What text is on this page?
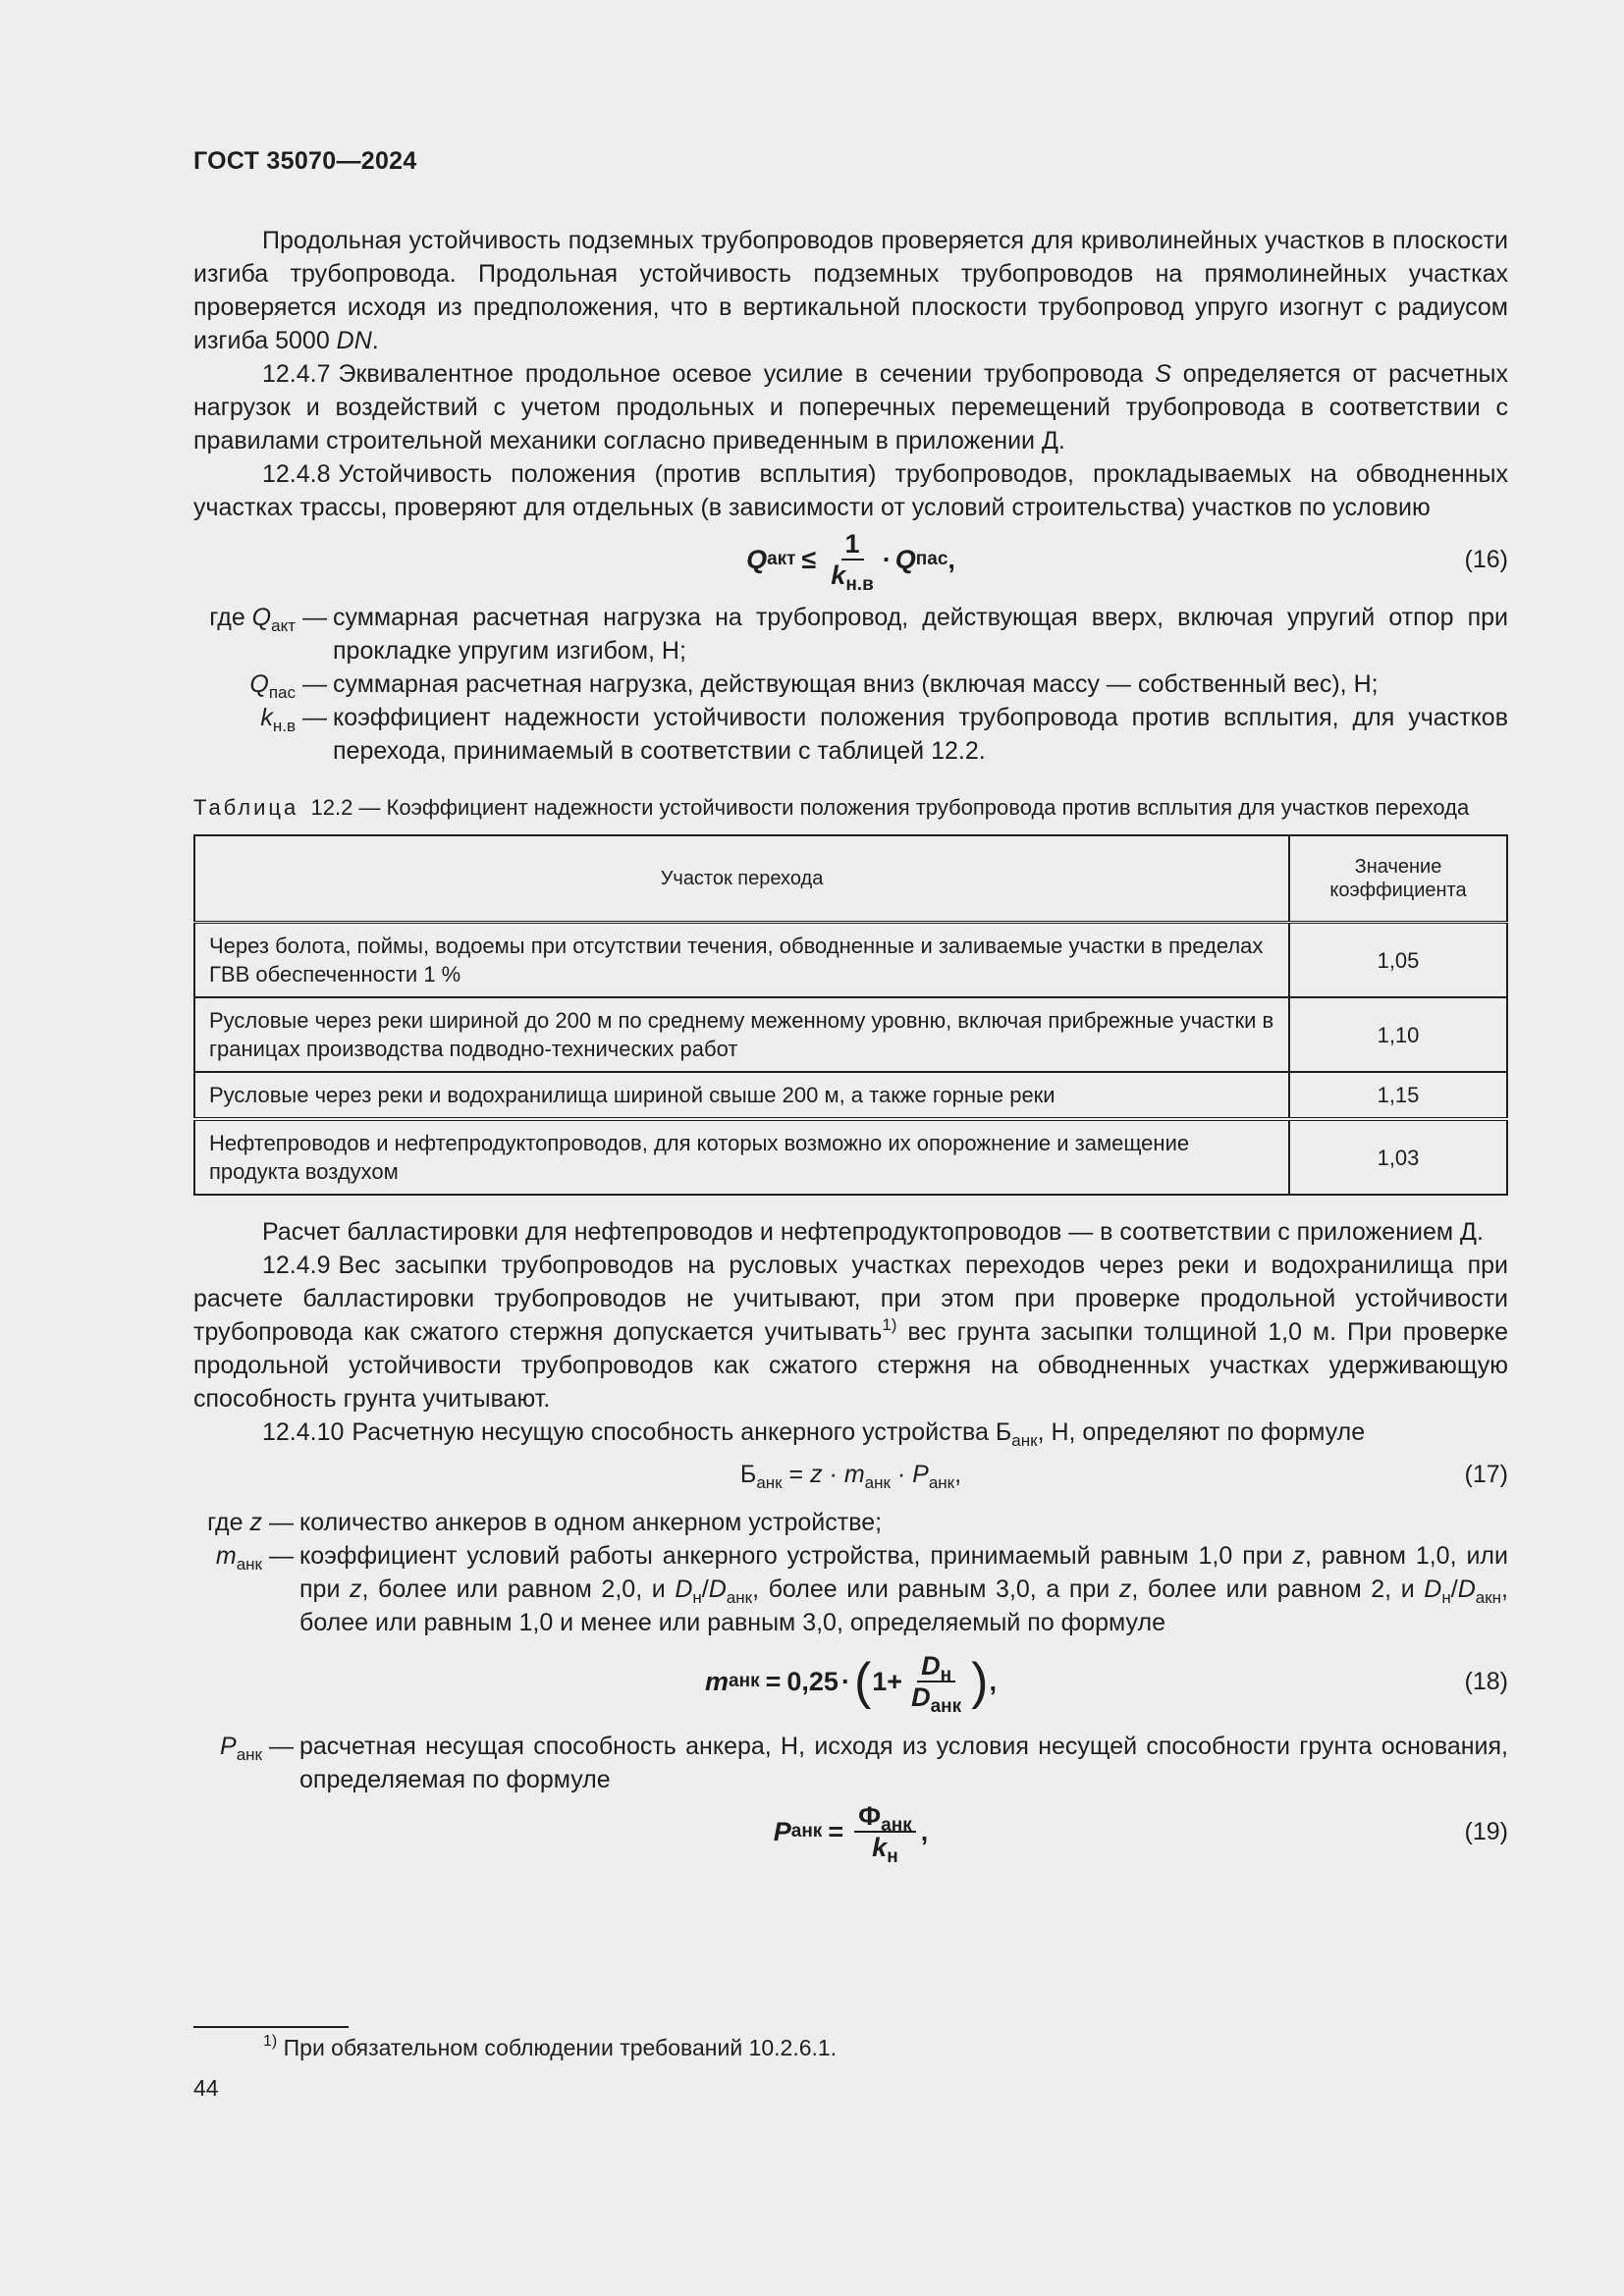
ГОСТ 35070—2024

Продольная устойчивость подземных трубопроводов проверяется для криволинейных участков в плоскости изгиба трубопровода. Продольная устойчивость подземных трубопроводов на прямолинейных участках проверяется исходя из предположения, что в вертикальной плоскости трубопровод упруго изогнут с радиусом изгиба 5000 DN.

12.4.7 Эквивалентное продольное осевое усилие в сечении трубопровода S определяется от расчетных нагрузок и воздействий с учетом продольных и поперечных перемещений трубопровода в соответствии с правилами строительной механики согласно приведенным в приложении Д.

12.4.8 Устойчивость положения (против всплытия) трубопроводов, прокладываемых на обводненных участках трассы, проверяют для отдельных (в зависимости от условий строительства) участков по условию

Q акт ≤ $\frac{1}{k_{н.в}} \cdot Q$ пас ,	(16)
где $Q_{акт}$ — суммарная расчетная нагрузка на трубопровод, действующая вверх, включая упругий отпор при прокладке упругим изгибом, Н;
$Q_{пас}$ — суммарная расчетная нагрузка, действующая вниз (включая массу — собственный вес), Н;
$k_{н.в}$ — коэффициент надежности устойчивости положения трубопровода против всплытия, для участков перехода, принимаемый в соответствии с таблицей 12.2.
Таблица 12.2 — Коэффициент надежности устойчивости положения трубопровода против всплытия для участков перехода
Участок перехода	Значение коэффициента
Через болота, поймы, водоемы при отсутствии течения, обводненные и заливаемые участки в пределах ГВВ обеспеченности 1 %	1,05
Русловые через реки шириной до 200 м по среднему меженному уровню, включая прибрежные участки в границах производства подводно-технических работ	1,10
Русловые через реки и водохранилища шириной свыше 200 м, а также горные реки	1,15
Нефтепроводов и нефтепродуктопроводов, для которых возможно их опорожнение и замещение продукта воздухом	1,03

Расчет балластировки для нефтепроводов и нефтепродуктопроводов — в соответствии с приложением Д.

12.4.9 Вес засыпки трубопроводов на русловых участках переходов через реки и водохранилища при расчете балластировки трубопроводов не учитывают, при этом при проверке продольной устойчивости трубопровода как сжатого стержня допускается учитывать$^{1)}$ вес грунта засыпки толщиной 1,0 м. При проверке продольной устойчивости трубопроводов как сжатого стержня на обводненных участках удерживающую способность грунта учитывают.

12.4.10 Расчетную несущую способность анкерного устройства $Б_{анк}$, Н, определяют по формуле

$Б_{анк} = z \cdot m_{анк} \cdot P_{анк}$,	(17)
где z — количество анкеров в одном анкерном устройстве;
$m_{анк}$ — коэффициент условий работы анкерного устройства, принимаемый равным 1,0 при z, равном 1,0, или при z, более или равном 2,0, и $D_н/D_{анк}$, более или равным 3,0, а при z, более или равном 2, и $D_н/D_{акн}$, более или равным 1,0 и менее или равным 3,0, определяемый по формуле
m анк = 0,25 · ( $1+ \frac{D_н}{D_{анк}}$ ) ,	(18)
$P_{анк}$ — расчетная несущая способность анкера, Н, исходя из условия несущей способности грунта основания, определяемая по формуле
P анк = $\frac{Ф_{анк}}{k_н}$ ,	(19)
$^{1)}$ При обязательном соблюдении требований 10.2.6.1.
44
